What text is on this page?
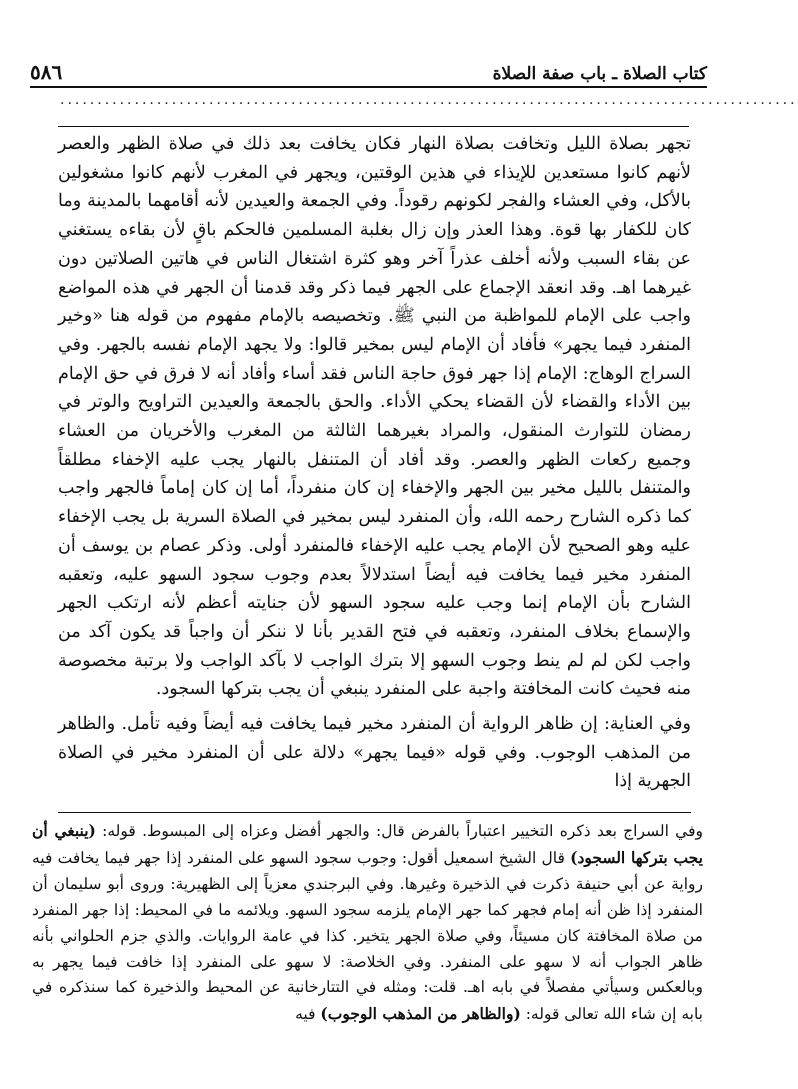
كتاب الصلاة ـ باب صفة الصلاة
٥٨٦
...................................................................................................

تجهر بصلاة الليل وتخافت بصلاة النهار فكان يخافت بعد ذلك في صلاة الظهر والعصر لأنهم كانوا مستعدين للإيذاء في هذين الوقتين، ويجهر في المغرب لأنهم كانوا مشغولين بالأكل، وفي العشاء والفجر لكونهم رقوداً. وفي الجمعة والعيدين لأنه أقامهما بالمدينة وما كان للكفار بها قوة. وهذا العذر وإن زال بغلبة المسلمين فالحكم باقٍ لأن بقاءه يستغني عن بقاء السبب ولأنه أخلف عذراً آخر وهو كثرة اشتغال الناس في هاتين الصلاتين دون غيرهما اهـ. وقد انعقد الإجماع على الجهر فيما ذكر وقد قدمنا أن الجهر في هذه المواضع واجب على الإمام للمواظبة من النبي ﷺ. وتخصيصه بالإمام مفهوم من قوله هنا «وخير المنفرد فيما يجهر» فأفاد أن الإمام ليس بمخير قالوا: ولا يجهد الإمام نفسه بالجهر. وفي السراج الوهاج: الإمام إذا جهر فوق حاجة الناس فقد أساء وأفاد أنه لا فرق في حق الإمام بين الأداء والقضاء لأن القضاء يحكي الأداء. والحق بالجمعة والعيدين التراويح والوتر في رمضان للتوارث المنقول، والمراد بغيرهما الثالثة من المغرب والأخريان من العشاء وجميع ركعات الظهر والعصر. وقد أفاد أن المتنفل بالنهار يجب عليه الإخفاء مطلقاً والمتنفل بالليل مخير بين الجهر والإخفاء إن كان منفرداً، أما إن كان إماماً فالجهر واجب كما ذكره الشارح رحمه الله، وأن المنفرد ليس بمخير في الصلاة السرية بل يجب الإخفاء عليه وهو الصحيح لأن الإمام يجب عليه الإخفاء فالمنفرد أولى. وذكر عصام بن يوسف أن المنفرد مخير فيما يخافت فيه أيضاً استدلالاً بعدم وجوب سجود السهو عليه، وتعقبه الشارح بأن الإمام إنما وجب عليه سجود السهو لأن جنايته أعظم لأنه ارتكب الجهر والإسماع بخلاف المنفرد، وتعقبه في فتح القدير بأنا لا ننكر أن واجباً قد يكون آكد من واجب لكن لم لم ينط وجوب السهو إلا بترك الواجب لا بآكد الواجب ولا برتبة مخصوصة منه فحيث كانت المخافتة واجبة على المنفرد ينبغي أن يجب بتركها السجود.

وفي العناية: إن ظاهر الرواية أن المنفرد مخير فيما يخافت فيه أيضاً وفيه تأمل. والظاهر من المذهب الوجوب. وفي قوله «فيما يجهر» دلالة على أن المنفرد مخير في الصلاة الجهرية إذا

وفي السراج بعد ذكره التخيير اعتباراً بالفرض قال: والجهر أفضل وعزاه إلى المبسوط. قوله: (ينبغي أن يجب بتركها السجود) قال الشيخ اسمعيل أقول: وجوب سجود السهو على المنفرد إذا جهر فيما يخافت فيه رواية عن أبي حنيفة ذكرت في الذخيرة وغيرها. وفي البرجندي معزياً إلى الظهيرية: وروى أبو سليمان أن المنفرد إذا ظن أنه إمام فجهر كما جهر الإمام يلزمه سجود السهو. ويلائمه ما في المحيط: إذا جهر المنفرد من صلاة المخافتة كان مسيئاً، وفي صلاة الجهر يتخير. كذا في عامة الروايات. والذي جزم الحلواني بأنه ظاهر الجواب أنه لا سهو على المنفرد. وفي الخلاصة: لا سهو على المنفرد إذا خافت فيما يجهر به وبالعكس وسيأتي مفصلاً في بابه اهـ. قلت: ومثله في التتارخانية عن المحيط والذخيرة كما سنذكره في بابه إن شاء الله تعالى قوله: (والظاهر من المذهب الوجوب) فيه
